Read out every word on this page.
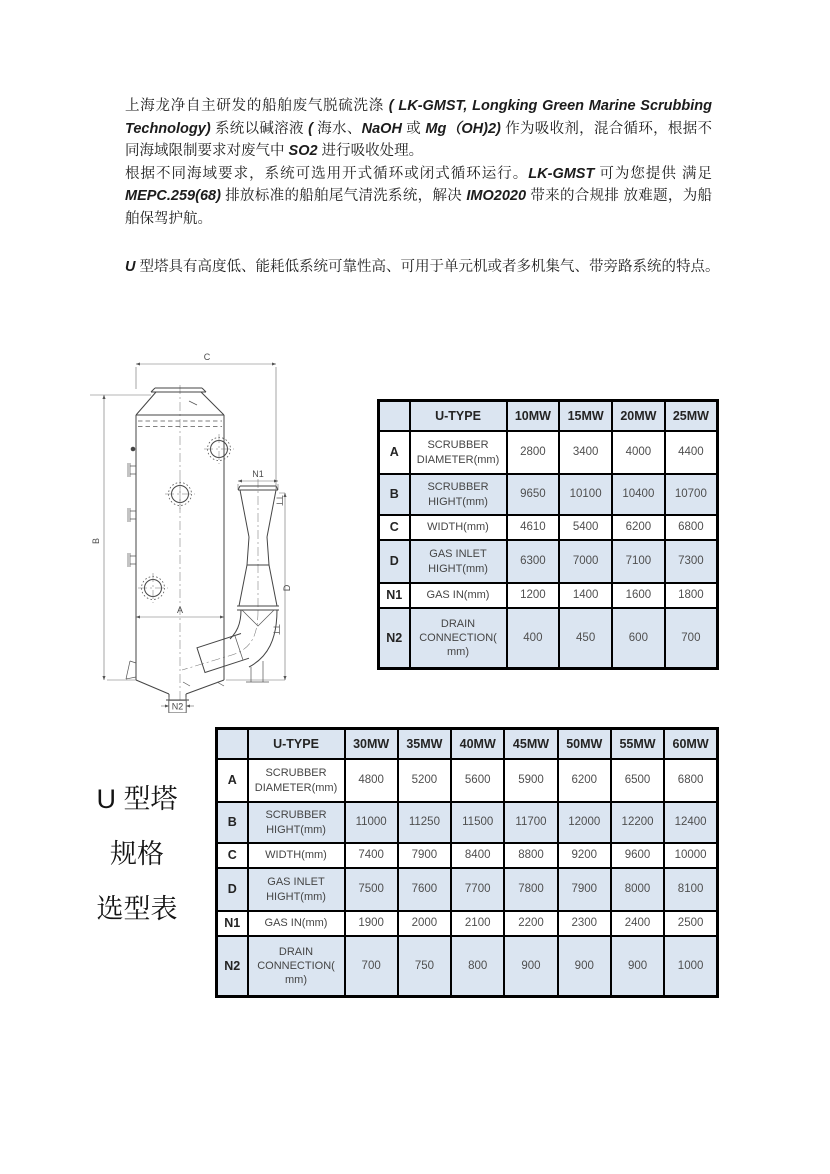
上海龙净自主研发的船舶废气脱硫洗涤 ( LK-GMST, Longking Green Marine Scrubbing Technology) 系统以碱溶液 ( 海水、NaOH 或 Mg（OH)2) 作为吸收剂，混合循环，根据不同海域限制要求对废气中 SO2 进行吸收处理。

根据不同海域要求，系统可选用开式循环或闭式循环运行。LK-GMST 可为您提供 满足 MEPC.259(68) 排放标准的船舶尾气清洗系统，解决 IMO2020 带来的合规排 放难题，为船舶保驾护航。

U 型塔具有高度低、能耗低系统可靠性高、可用于单元机或者多机集气、带旁路系统的特点。

C
B
A
N1
D
N2
	U-TYPE	10MW	15MW	20MW	25MW
A	SCRUBBER DIAMETER(mm)	2800	3400	4000	4400
B	SCRUBBER HIGHT(mm)	9650	10100	10400	10700
C	WIDTH(mm)	4610	5400	6200	6800
D	GAS INLET HIGHT(mm)	6300	7000	7100	7300
N1	GAS IN(mm)	1200	1400	1600	1800
N2	DRAIN CONNECTION( mm)	400	450	600	700
	U-TYPE	30MW	35MW	40MW	45MW	50MW	55MW	60MW
A	SCRUBBER DIAMETER(mm)	4800	5200	5600	5900	6200	6500	6800
B	SCRUBBER HIGHT(mm)	11000	11250	11500	11700	12000	12200	12400
C	WIDTH(mm)	7400	7900	8400	8800	9200	9600	10000
D	GAS INLET HIGHT(mm)	7500	7600	7700	7800	7900	8000	8100
N1	GAS IN(mm)	1900	2000	2100	2200	2300	2400	2500
N2	DRAIN CONNECTION( mm)	700	750	800	900	900	900	1000
U 型塔
规格
选型表
